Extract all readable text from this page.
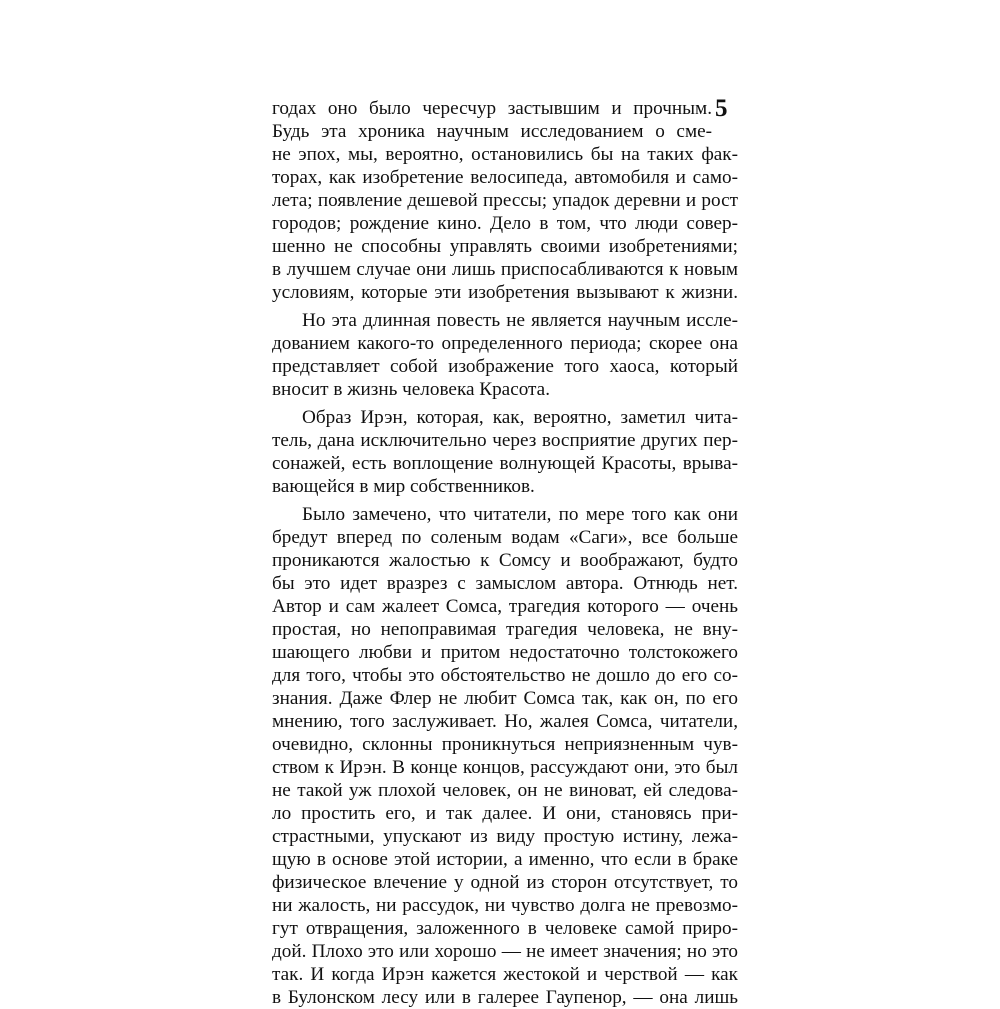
5
годах оно было чересчур застывшим и прочным.
Будь эта хроника научным исследованием о сме-
не эпох, мы, вероятно, остановились бы на таких фак-
торах, как изобретение велосипеда, автомобиля и само-
лета; появление дешевой прессы; упадок деревни и рост
городов; рождение кино. Дело в том, что люди совер-
шенно не способны управлять своими изобретениями;
в лучшем случае они лишь приспосабливаются к новым
условиям, которые эти изобретения вызывают к жизни.
Но эта длинная повесть не является научным иссле-
дованием какого-то определенного периода; скорее она
представляет собой изображение того хаоса, который
вносит в жизнь человека Красота.
Образ Ирэн, которая, как, вероятно, заметил чита-
тель, дана исключительно через восприятие других пер-
сонажей, есть воплощение волнующей Красоты, врыва-
вающейся в мир собственников.
Было замечено, что читатели, по мере того как они
бредут вперед по соленым водам «Саги», все больше
проникаются жалостью к Сомсу и воображают, будто
бы это идет вразрез с замыслом автора. Отнюдь нет.
Автор и сам жалеет Сомса, трагедия которого — очень
простая, но непоправимая трагедия человека, не вну-
шающего любви и притом недостаточно толстокожего
для того, чтобы это обстоятельство не дошло до его со-
знания. Даже Флер не любит Сомса так, как он, по его
мнению, того заслуживает. Но, жалея Сомса, читатели,
очевидно, склонны проникнуться неприязненным чув-
ством к Ирэн. В конце концов, рассуждают они, это был
не такой уж плохой человек, он не виноват, ей следова-
ло простить его, и так далее. И они, становясь при-
страстными, упускают из виду простую истину, лежа-
щую в основе этой истории, а именно, что если в браке
физическое влечение у одной из сторон отсутствует, то
ни жалость, ни рассудок, ни чувство долга не превозмо-
гут отвращения, заложенного в человеке самой приро-
дой. Плохо это или хорошо — не имеет значения; но это
так. И когда Ирэн кажется жестокой и черствой — как
в Булонском лесу или в галерее Гаупенор, — она лишь
